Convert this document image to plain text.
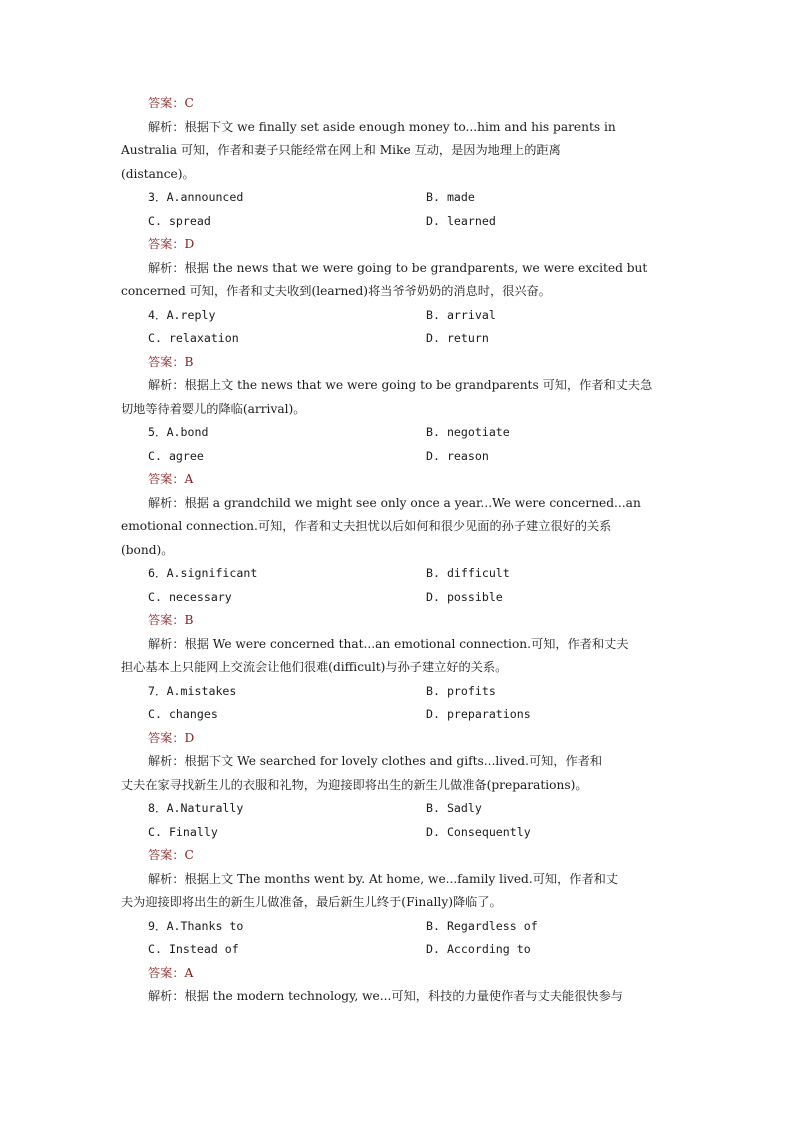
答案：C
解析：根据下文 we finally set aside enough money to...him and his parents in
Australia 可知，作者和妻子只能经常在网上和 Mike 互动，是因为地理上的距离
(distance)。
3．A.announced	B. made
C. spread	D. learned
答案：D
解析：根据 the news that we were going to be grandparents, we were excited but
concerned 可知，作者和丈夫收到(learned)将当爷爷奶奶的消息时，很兴奋。
4．A.reply	B. arrival
C. relaxation	D. return
答案：B
解析：根据上文 the news that we were going to be grandparents 可知，作者和丈夫急
切地等待着婴儿的降临(arrival)。
5．A.bond	B. negotiate
C. agree	D. reason
答案：A
解析：根据 a grandchild we might see only once a year...We were concerned...an
emotional connection.可知，作者和丈夫担忧以后如何和很少见面的孙子建立很好的关系
(bond)。
6．A.significant	B. difficult
C. necessary	D. possible
答案：B
解析：根据 We were concerned that...an emotional connection.可知，作者和丈夫
担心基本上只能网上交流会让他们很难(difficult)与孙子建立好的关系。
7．A.mistakes	B. profits
C. changes	D. preparations
答案：D
解析：根据下文 We searched for lovely clothes and gifts...lived.可知，作者和
丈夫在家寻找新生儿的衣服和礼物，为迎接即将出生的新生儿做准备(preparations)。
8．A.Naturally	B. Sadly
C. Finally	D. Consequently
答案：C
解析：根据上文 The months went by. At home, we...family lived.可知，作者和丈
夫为迎接即将出生的新生儿做准备，最后新生儿终于(Finally)降临了。
9．A.Thanks to	B. Regardless of
C. Instead of	D. According to
答案：A
解析：根据 the modern technology, we...可知，科技的力量使作者与丈夫能很快参与
